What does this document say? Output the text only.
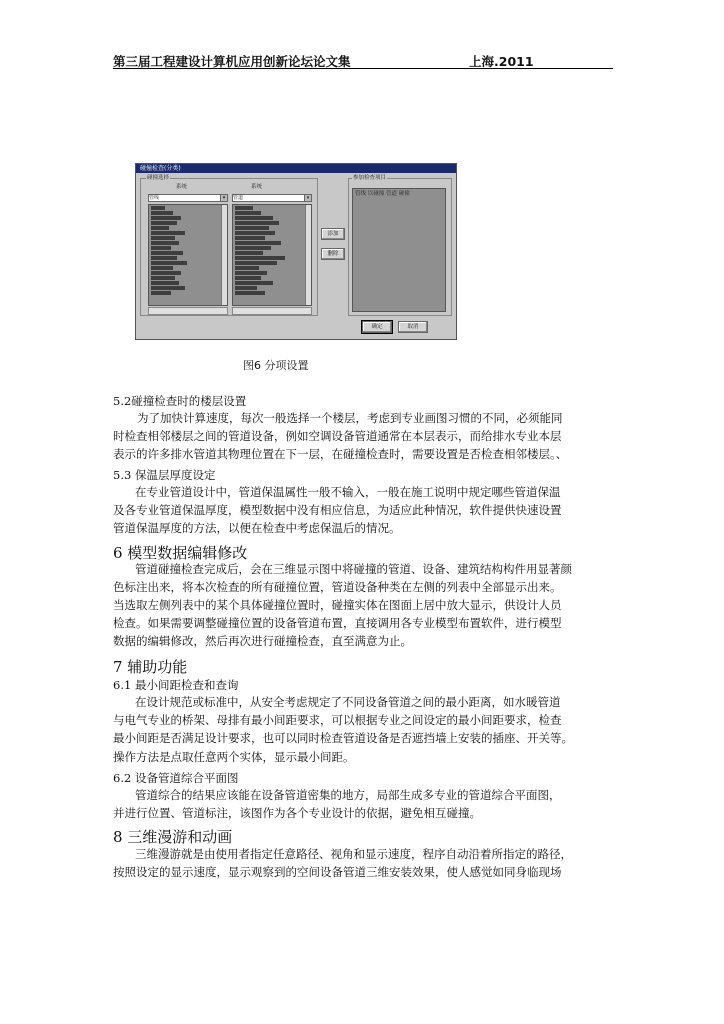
第三届工程建设计算机应用创新论坛论文集	上海.2011
碰撞检查(分类)
碰撞选择
系统	系统
管线	▾	管道	▾
添加
删除
参加检查项目
管线 以碰撞 管道 碰撞
确定	取消
图6 分项设置
5.2碰撞检查时的楼层设置
为了加快计算速度，每次一般选择一个楼层，考虑到专业画图习惯的不同，必须能同
时检查相邻楼层之间的管道设备，例如空调设备管道通常在本层表示，而给排水专业本层
表示的许多排水管道其物理位置在下一层，在碰撞检查时，需要设置是否检查相邻楼层。、
5.3 保温层厚度设定
在专业管道设计中，管道保温属性一般不输入，一般在施工说明中规定哪些管道保温
及各专业管道保温厚度，模型数据中没有相应信息，为适应此种情况，软件提供快速设置
管道保温厚度的方法，以便在检查中考虑保温后的情况。
6 模型数据编辑修改
管道碰撞检查完成后，会在三维显示图中将碰撞的管道、设备、建筑结构构件用显著颜
色标注出来，将本次检查的所有碰撞位置，管道设备种类在左侧的列表中全部显示出来。
当选取左侧列表中的某个具体碰撞位置时，碰撞实体在图面上居中放大显示，供设计人员
检查。如果需要调整碰撞位置的设备管道布置，直接调用各专业模型布置软件，进行模型
数据的编辑修改，然后再次进行碰撞检查，直至满意为止。
7 辅助功能
6.1 最小间距检查和查询
在设计规范或标准中，从安全考虑规定了不同设备管道之间的最小距离，如水暖管道
与电气专业的桥架、母排有最小间距要求，可以根据专业之间设定的最小间距要求，检查
最小间距是否满足设计要求，也可以同时检查管道设备是否遮挡墙上安装的插座、开关等。
操作方法是点取任意两个实体，显示最小间距。
6.2 设备管道综合平面图
管道综合的结果应该能在设备管道密集的地方，局部生成多专业的管道综合平面图，
并进行位置、管道标注，该图作为各个专业设计的依据，避免相互碰撞。
8 三维漫游和动画
三维漫游就是由使用者指定任意路径、视角和显示速度，程序自动沿着所指定的路径，
按照设定的显示速度，显示观察到的空间设备管道三维安装效果，使人感觉如同身临现场
